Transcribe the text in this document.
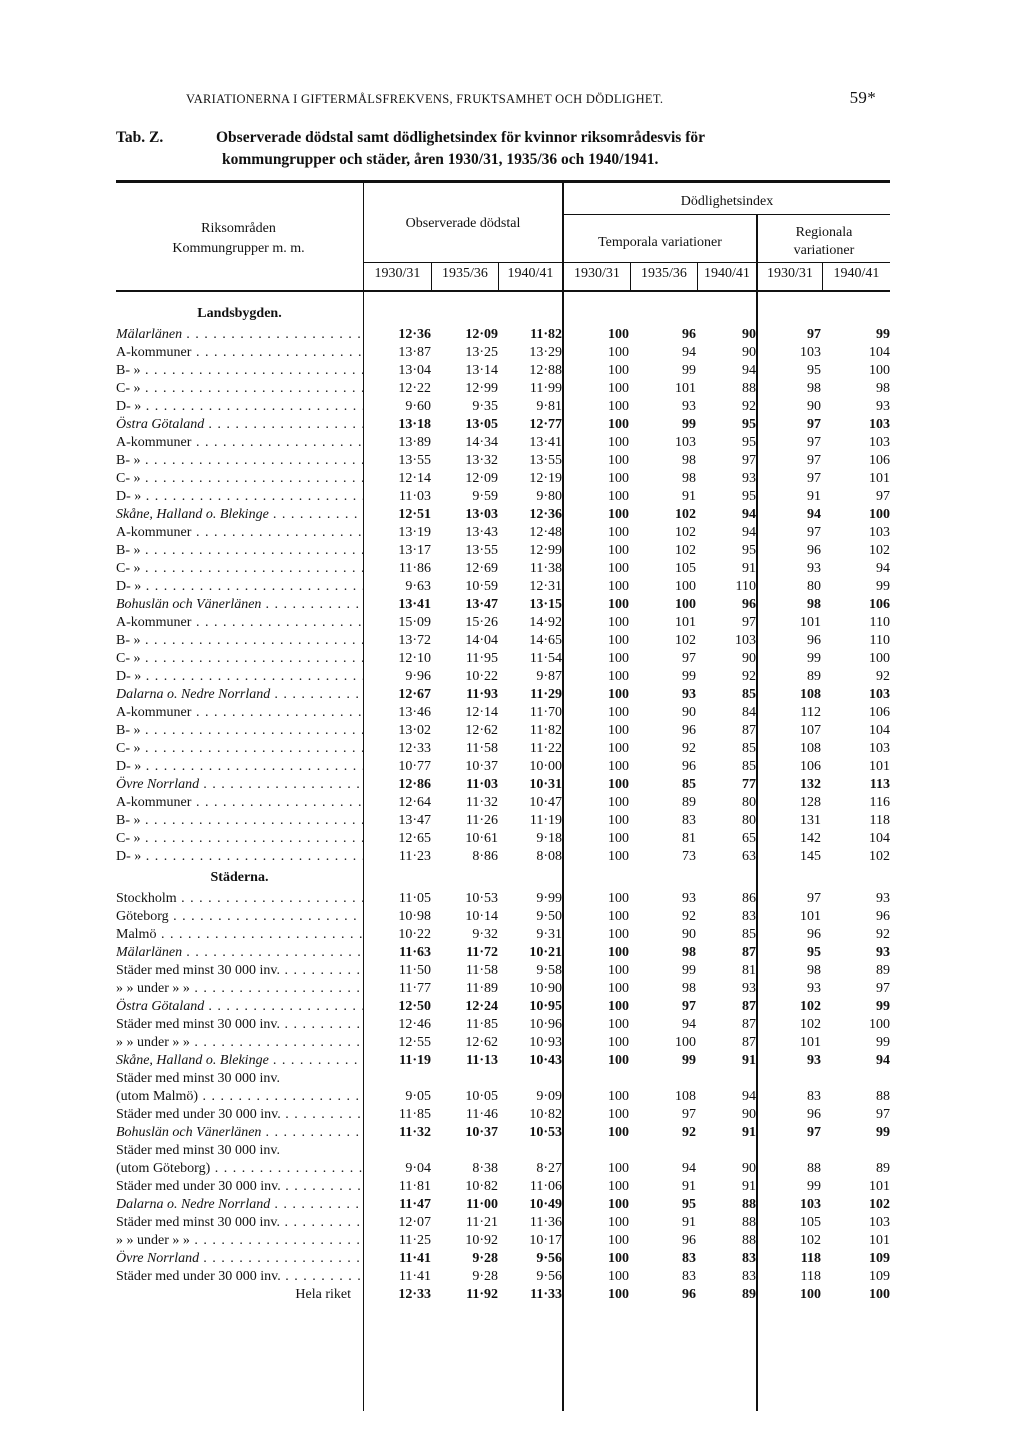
VARIATIONERNA I GIFTERMÅLSFREKVENS, FRUKTSAMHET OCH DÖDLIGHET.	59*
Tab. Z.	Observerade dödstal samt dödlighetsindex för kvinnor riksområdesvis för
kommungrupper och städer, åren 1930/31, 1935/36 och 1940/1941.
Riksområden
Kommungrupper m. m.
Observerade dödstal
Dödlighetsindex
Temporala variationer
Regionala
variationer
1930/31	1935/36	1940/41	1930/31	1935/36	1940/41	1930/31	1940/41
Landsbygden.								
Mälarlänen . . .	12·36	12·09	11·82	100	96	90	97	99
A-kommuner . . .	13·87	13·25	13·29	100	94	90	103	104
B- » . . .	13·04	13·14	12·88	100	99	94	95	100
C- » . . .	12·22	12·99	11·99	100	101	88	98	98
D- » . . .	9·60	9·35	9·81	100	93	92	90	93
Östra Götaland . . .	13·18	13·05	12·77	100	99	95	97	103
A-kommuner . . .	13·89	14·34	13·41	100	103	95	97	103
B- » . . .	13·55	13·32	13·55	100	98	97	97	106
C- » . . .	12·14	12·09	12·19	100	98	93	97	101
D- » . . .	11·03	9·59	9·80	100	91	95	91	97
Skåne, Halland o. Blekinge . . .	12·51	13·03	12·36	100	102	94	94	100
A-kommuner . . .	13·19	13·43	12·48	100	102	94	97	103
B- » . . .	13·17	13·55	12·99	100	102	95	96	102
C- » . . .	11·86	12·69	11·38	100	105	91	93	94
D- » . . .	9·63	10·59	12·31	100	100	110	80	99
Bohuslän och Vänerlänen . . .	13·41	13·47	13·15	100	100	96	98	106
A-kommuner . . .	15·09	15·26	14·92	100	101	97	101	110
B- » . . .	13·72	14·04	14·65	100	102	103	96	110
C- » . . .	12·10	11·95	11·54	100	97	90	99	100
D- » . . .	9·96	10·22	9·87	100	99	92	89	92
Dalarna o. Nedre Norrland . . .	12·67	11·93	11·29	100	93	85	108	103
A-kommuner . . .	13·46	12·14	11·70	100	90	84	112	106
B- » . . .	13·02	12·62	11·82	100	96	87	107	104
C- » . . .	12·33	11·58	11·22	100	92	85	108	103
D- » . . .	10·77	10·37	10·00	100	96	85	106	101
Övre Norrland . . .	12·86	11·03	10·31	100	85	77	132	113
A-kommuner . . .	12·64	11·32	10·47	100	89	80	128	116
B- » . . .	13·47	11·26	11·19	100	83	80	131	118
C- » . . .	12·65	10·61	9·18	100	81	65	142	104
D- » . . .	11·23	8·86	8·08	100	73	63	145	102
Städerna.								
Stockholm . . .	11·05	10·53	9·99	100	93	86	97	93
Göteborg . . .	10·98	10·14	9·50	100	92	83	101	96
Malmö . . .	10·22	9·32	9·31	100	90	85	96	92
Mälarlänen . . .	11·63	11·72	10·21	100	98	87	95	93
Städer med minst 30 000 inv. . . .	11·50	11·58	9·58	100	99	81	98	89
» » under » » . . .	11·77	11·89	10·90	100	98	93	93	97
Östra Götaland . . .	12·50	12·24	10·95	100	97	87	102	99
Städer med minst 30 000 inv. . . .	12·46	11·85	10·96	100	94	87	102	100
» » under » » . . .	12·55	12·62	10·93	100	100	87	101	99
Skåne, Halland o. Blekinge . . .	11·19	11·13	10·43	100	99	91	93	94
Städer med minst 30 000 inv.								
(utom Malmö) . . .	9·05	10·05	9·09	100	108	94	83	88
Städer med under 30 000 inv. . . .	11·85	11·46	10·82	100	97	90	96	97
Bohuslän och Vänerlänen . . .	11·32	10·37	10·53	100	92	91	97	99
Städer med minst 30 000 inv.								
(utom Göteborg) . . .	9·04	8·38	8·27	100	94	90	88	89
Städer med under 30 000 inv. . . .	11·81	10·82	11·06	100	91	91	99	101
Dalarna o. Nedre Norrland . . .	11·47	11·00	10·49	100	95	88	103	102
Städer med minst 30 000 inv. . . .	12·07	11·21	11·36	100	91	88	105	103
» » under » » . . .	11·25	10·92	10·17	100	96	88	102	101
Övre Norrland . . .	11·41	9·28	9·56	100	83	83	118	109
Städer med under 30 000 inv. . . .	11·41	9·28	9·56	100	83	83	118	109
Hela riket	12·33	11·92	11·33	100	96	89	100	100
